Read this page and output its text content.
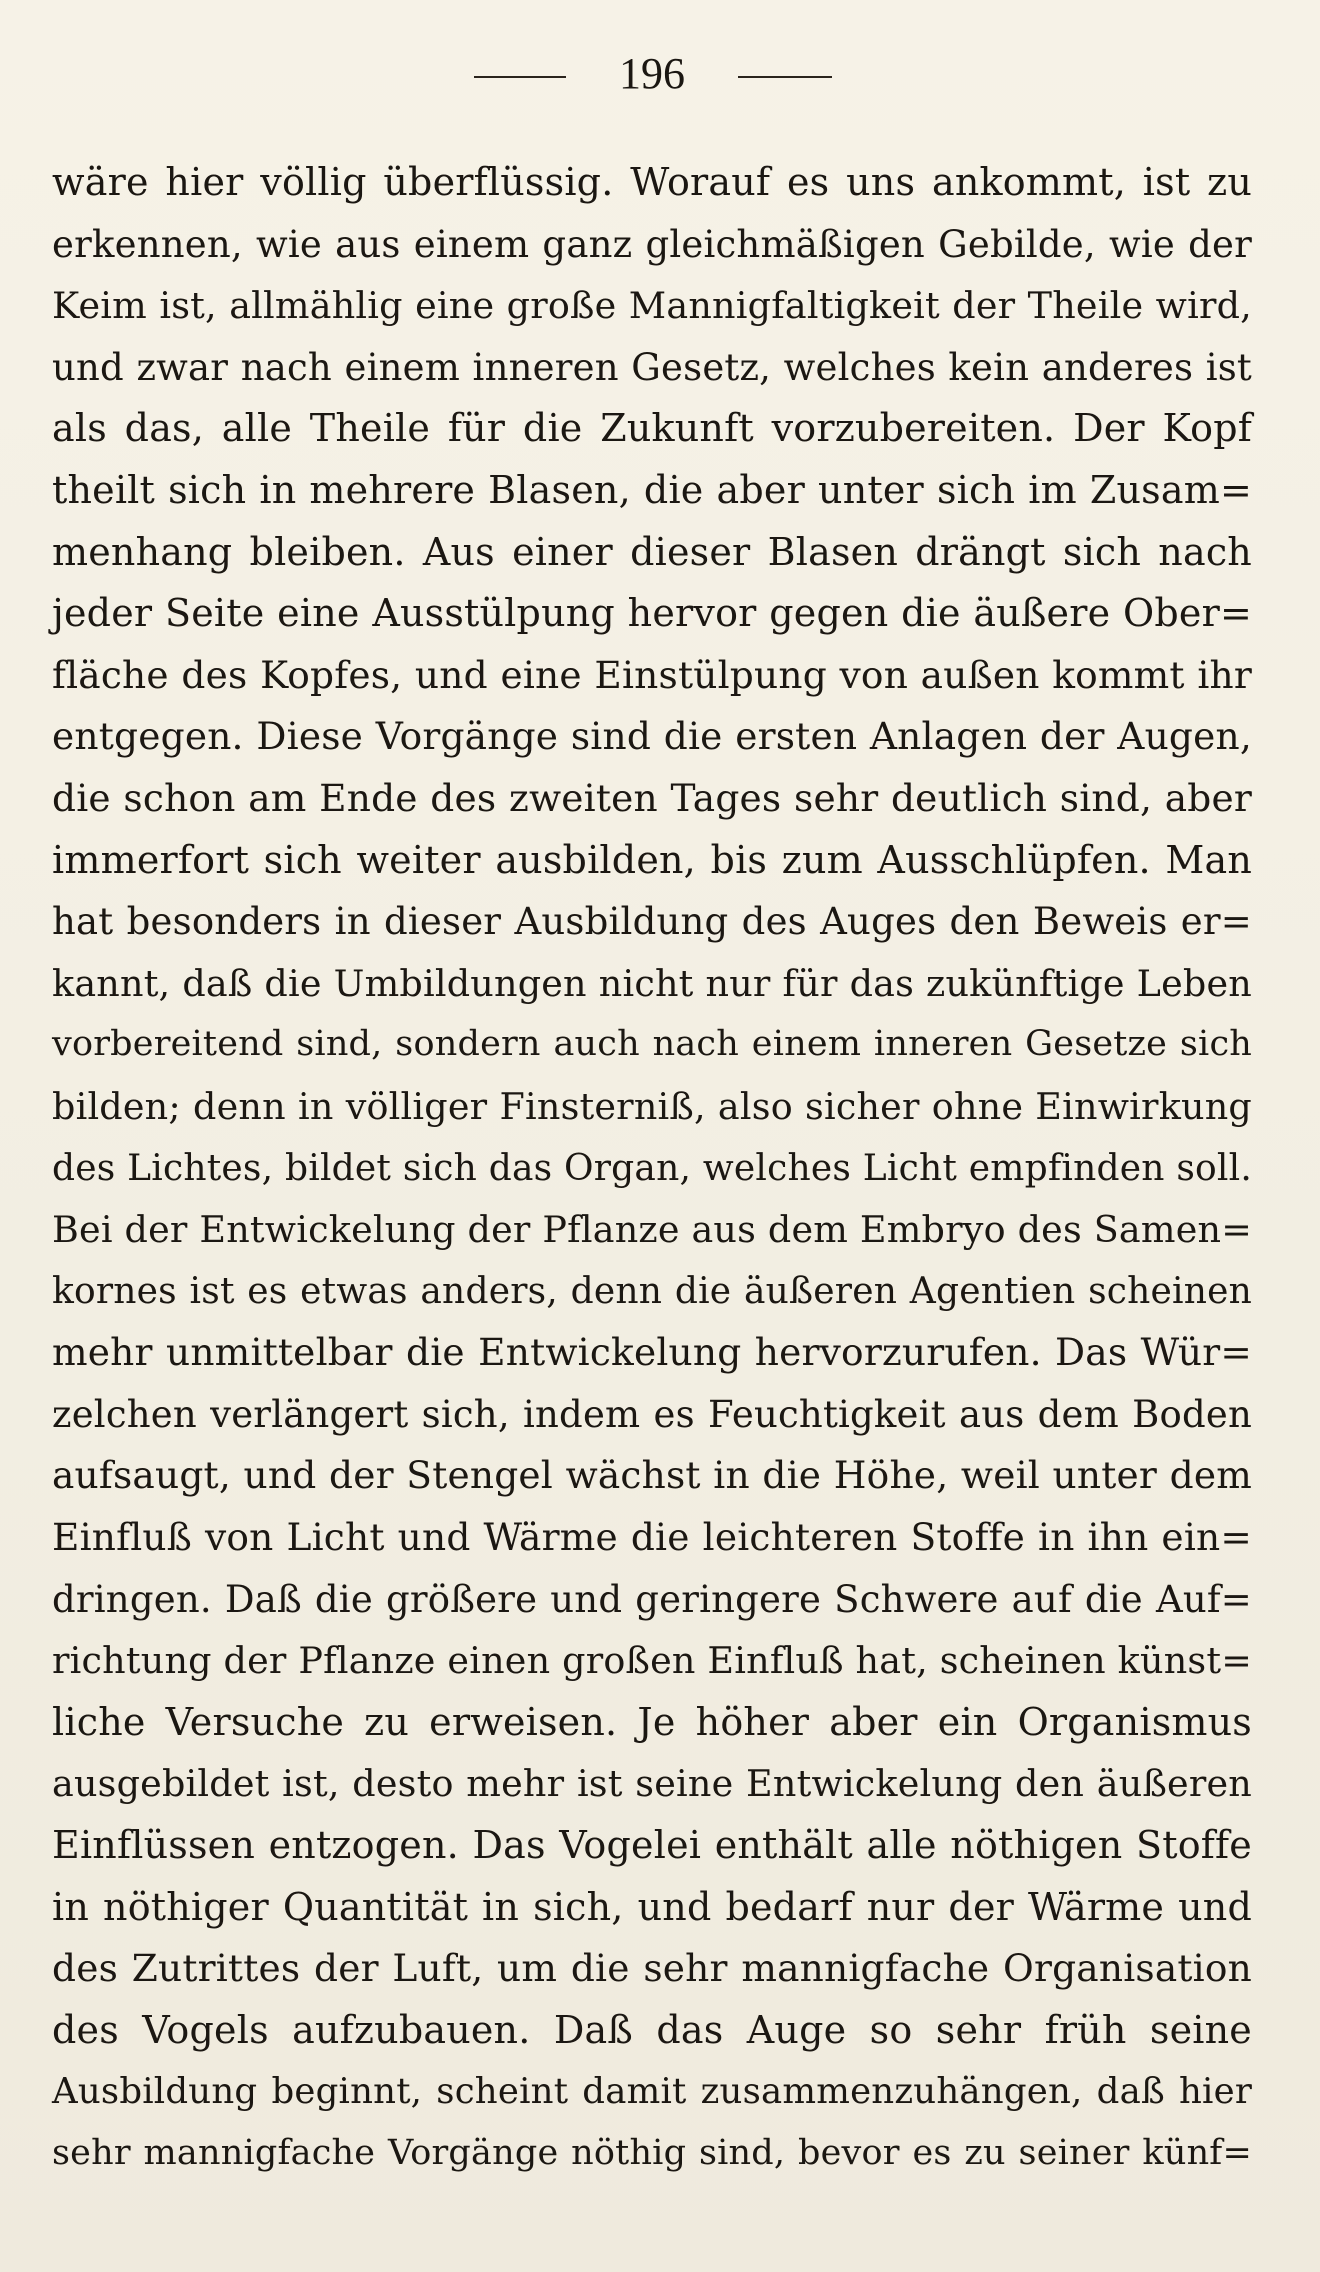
196
wäre hier völlig überflüssig. Worauf es uns ankommt, ist zu
erkennen, wie aus einem ganz gleichmäßigen Gebilde, wie der
Keim ist, allmählig eine große Mannigfaltigkeit der Theile wird,
und zwar nach einem inneren Gesetz, welches kein anderes ist
als das, alle Theile für die Zukunft vorzubereiten. Der Kopf
theilt sich in mehrere Blasen, die aber unter sich im Zusam=
menhang bleiben. Aus einer dieser Blasen drängt sich nach
jeder Seite eine Ausstülpung hervor gegen die äußere Ober=
fläche des Kopfes, und eine Einstülpung von außen kommt ihr
entgegen. Diese Vorgänge sind die ersten Anlagen der Augen,
die schon am Ende des zweiten Tages sehr deutlich sind, aber
immerfort sich weiter ausbilden, bis zum Ausschlüpfen. Man
hat besonders in dieser Ausbildung des Auges den Beweis er=
kannt, daß die Umbildungen nicht nur für das zukünftige Leben
vorbereitend sind, sondern auch nach einem inneren Gesetze sich
bilden; denn in völliger Finsterniß, also sicher ohne Einwirkung
des Lichtes, bildet sich das Organ, welches Licht empfinden soll.
Bei der Entwickelung der Pflanze aus dem Embryo des Samen=
kornes ist es etwas anders, denn die äußeren Agentien scheinen
mehr unmittelbar die Entwickelung hervorzurufen. Das Wür=
zelchen verlängert sich, indem es Feuchtigkeit aus dem Boden
aufsaugt, und der Stengel wächst in die Höhe, weil unter dem
Einfluß von Licht und Wärme die leichteren Stoffe in ihn ein=
dringen. Daß die größere und geringere Schwere auf die Auf=
richtung der Pflanze einen großen Einfluß hat, scheinen künst=
liche Versuche zu erweisen. Je höher aber ein Organismus
ausgebildet ist, desto mehr ist seine Entwickelung den äußeren
Einflüssen entzogen. Das Vogelei enthält alle nöthigen Stoffe
in nöthiger Quantität in sich, und bedarf nur der Wärme und
des Zutrittes der Luft, um die sehr mannigfache Organisation
des Vogels aufzubauen. Daß das Auge so sehr früh seine
Ausbildung beginnt, scheint damit zusammenzuhängen, daß hier
sehr mannigfache Vorgänge nöthig sind, bevor es zu seiner künf=
